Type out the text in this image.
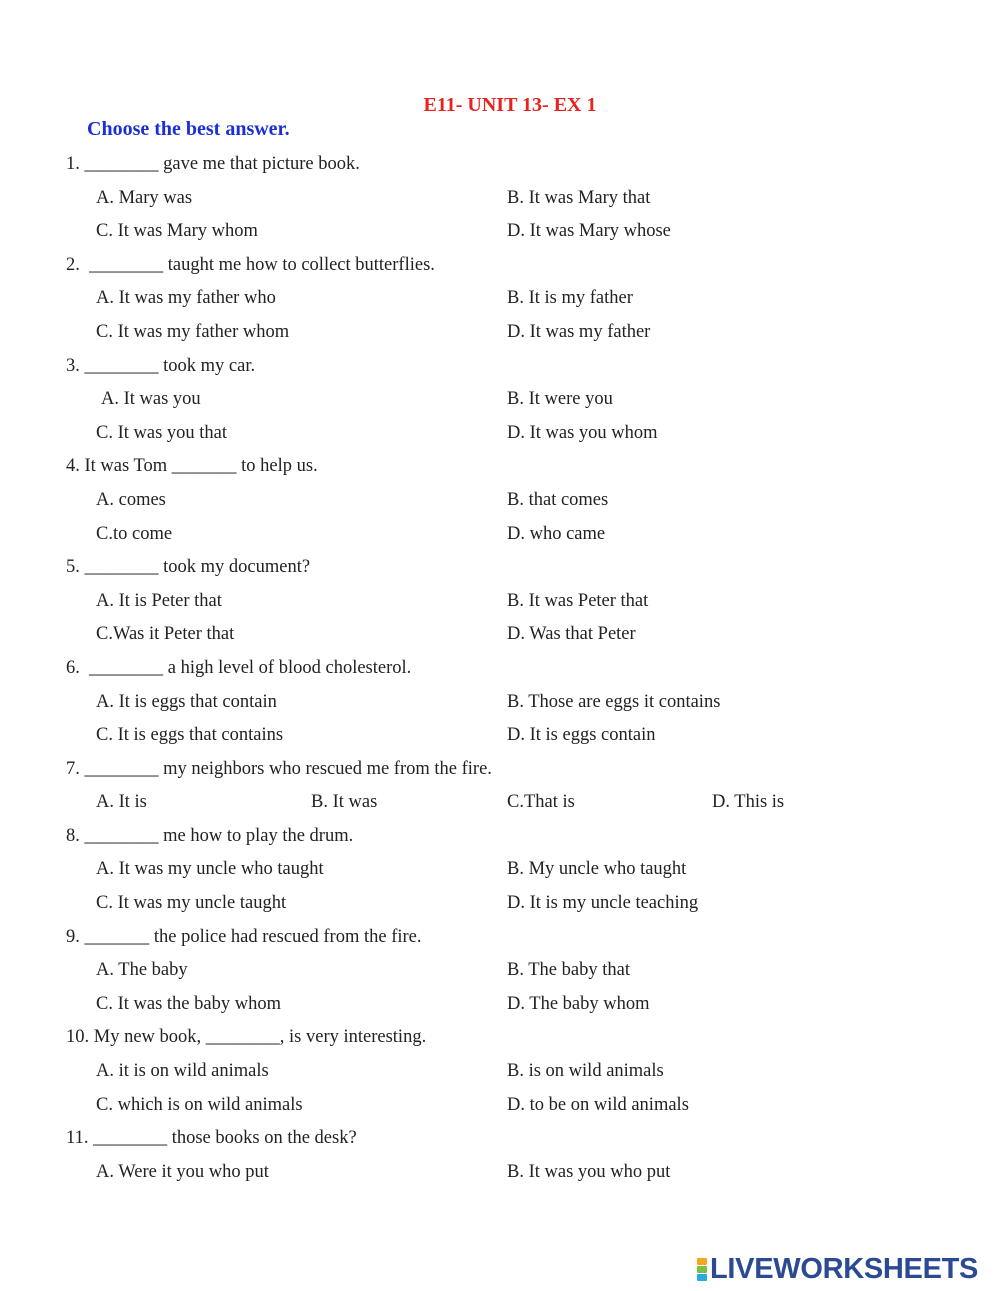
E11- UNIT 13- EX 1
Choose the best answer.
1. ________ gave me that picture book.
A. Mary was	B. It was Mary that
C. It was Mary whom	D. It was Mary whose
2.  ________ taught me how to collect butterflies.
A. It was my father who	B. It is my father
C. It was my father whom	D. It was my father
3. ________ took my car.
A. It was you	B. It were you
C. It was you that	D. It was you whom
4. It was Tom _______ to help us.
A. comes	B. that comes
C.to come	D. who came
5. ________ took my document?
A. It is Peter that	B. It was Peter that
C.Was it Peter that	D. Was that Peter
6.  ________ a high level of blood cholesterol.
A. It is eggs that contain	B. Those are eggs it contains
C. It is eggs that contains	D. It is eggs contain
7. ________ my neighbors who rescued me from the fire.
A. It is	B. It was	C.That is	D. This is
8. ________ me how to play the drum.
A. It was my uncle who taught	B. My uncle who taught
C. It was my uncle taught	D. It is my uncle teaching
9. _______ the police had rescued from the fire.
A. The baby	B. The baby that
C. It was the baby whom	D. The baby whom
10. My new book, ________, is very interesting.
A. it is on wild animals	B. is on wild animals
C. which is on wild animals	D. to be on wild animals
11. ________ those books on the desk?
A. Were it you who put	B. It was you who put
LIVEWORKSHEETS
